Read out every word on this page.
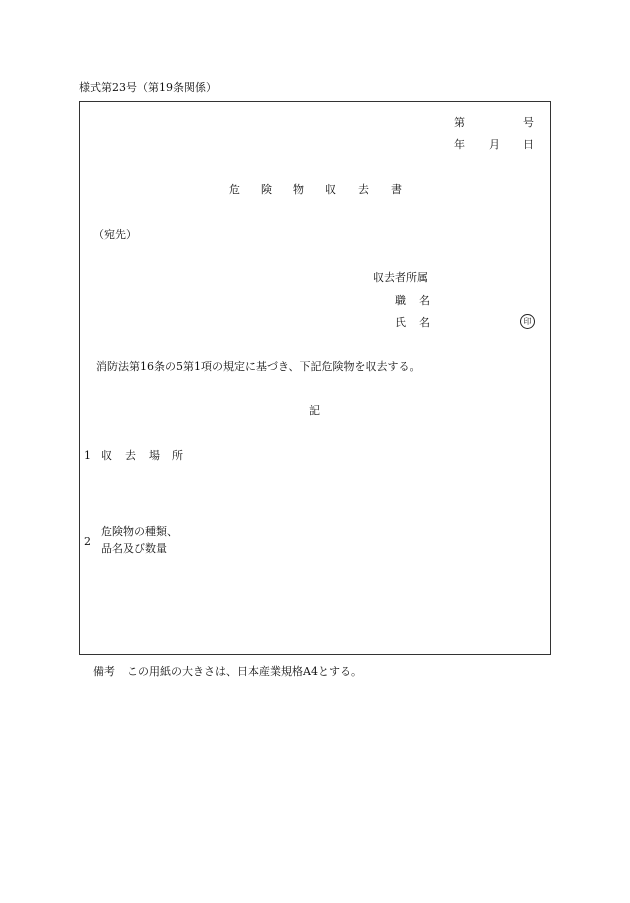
様式第23号（第19条関係）
第	号
年 月 日
危 険 物 収 去 書
（宛先）
収去者所属
職 名
氏 名	印
消防法第16条の5第1項の規定に基づき、下記危険物を収去する。
記
1 収 去 場 所
2
危険物の種類、
品名及び数量
備考 この用紙の大きさは、日本産業規格A4とする。
